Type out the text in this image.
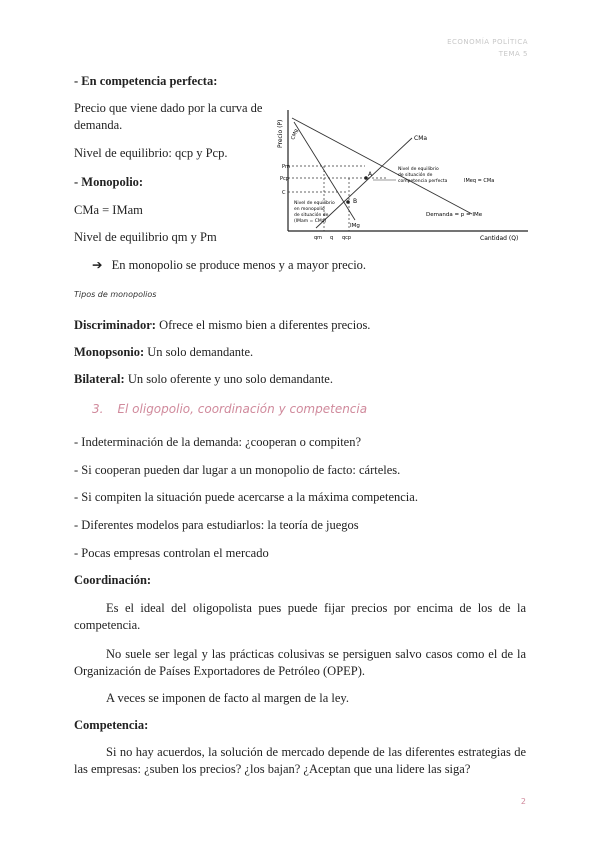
ECONOMÍA POLÍTICA
TEMA 5
- En competencia perfecta:
Precio que viene dado por la curva de
demanda.
Nivel de equilibrio: qcp y Pcp.
- Monopolio:
CMa = IMam
Nivel de equilibrio qm y Pm
➔ En monopolio se produce menos y a mayor precio.
Precio (P)
Cantidad (Q)
Demanda = p = IMe
IMg
CMg	CMa
A
B
Pm
Pcp
C
qm q qcp
Nivel de equilibrio
de situación de
competencia perfecta	IMeq = CMa
Nivel de equilibrio
en monopolio
de situación de
(IMam = CMa)
Tipos de monopolios
Discriminador: Ofrece el mismo bien a diferentes precios.
Monopsonio: Un solo demandante.
Bilateral: Un solo oferente y uno solo demandante.
3. El oligopolio, coordinación y competencia
- Indeterminación de la demanda: ¿cooperan o compiten?
- Si cooperan pueden dar lugar a un monopolio de facto: cárteles.
- Si compiten la situación puede acercarse a la máxima competencia.
- Diferentes modelos para estudiarlos: la teoría de juegos
- Pocas empresas controlan el mercado
Coordinación:
Es el ideal del oligopolista pues puede fijar precios por encima de los de la competencia.
No suele ser legal y las prácticas colusivas se persiguen salvo casos como el de la Organización de Países Exportadores de Petróleo (OPEP).
A veces se imponen de facto al margen de la ley.
Competencia:
Si no hay acuerdos, la solución de mercado depende de las diferentes estrategias de las empresas: ¿suben los precios? ¿los bajan? ¿Aceptan que una lidere las siga?
2
